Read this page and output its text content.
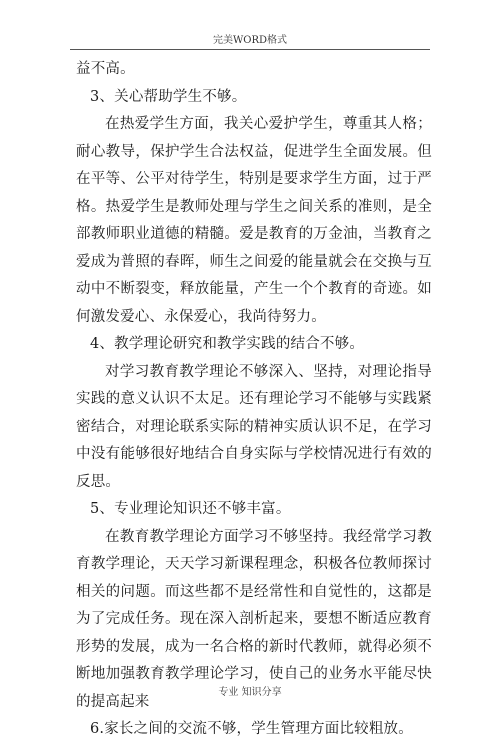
完美WORD格式

益不高。

3、关心帮助学生不够。

在热爱学生方面，我关心爱护学生，尊重其人格；耐心教导，保护学生合法权益，促进学生全面发展。但在平等、公平对待学生，特别是要求学生方面，过于严格。热爱学生是教师处理与学生之间关系的准则，是全部教师职业道德的精髓。爱是教育的万金油，当教育之爱成为普照的春晖，师生之间爱的能量就会在交换与互动中不断裂变，释放能量，产生一个个教育的奇迹。如何激发爱心、永保爱心，我尚待努力。

4、教学理论研究和教学实践的结合不够。

对学习教育教学理论不够深入、坚持，对理论指导实践的意义认识不太足。还有理论学习不能够与实践紧密结合，对理论联系实际的精神实质认识不足，在学习中没有能够很好地结合自身实际与学校情况进行有效的反思。

5、专业理论知识还不够丰富。

在教育教学理论方面学习不够坚持。我经常学习教育教学理论，天天学习新课程理念，积极各位教师探讨相关的问题。而这些都不是经常性和自觉性的，这都是为了完成任务。现在深入剖析起来，要想不断适应教育形势的发展，成为一名合格的新时代教师，就得必须不断地加强教育教学理论学习，使自己的业务水平能尽快的提高起来

6.家长之间的交流不够，学生管理方面比较粗放。

专业 知识分享
